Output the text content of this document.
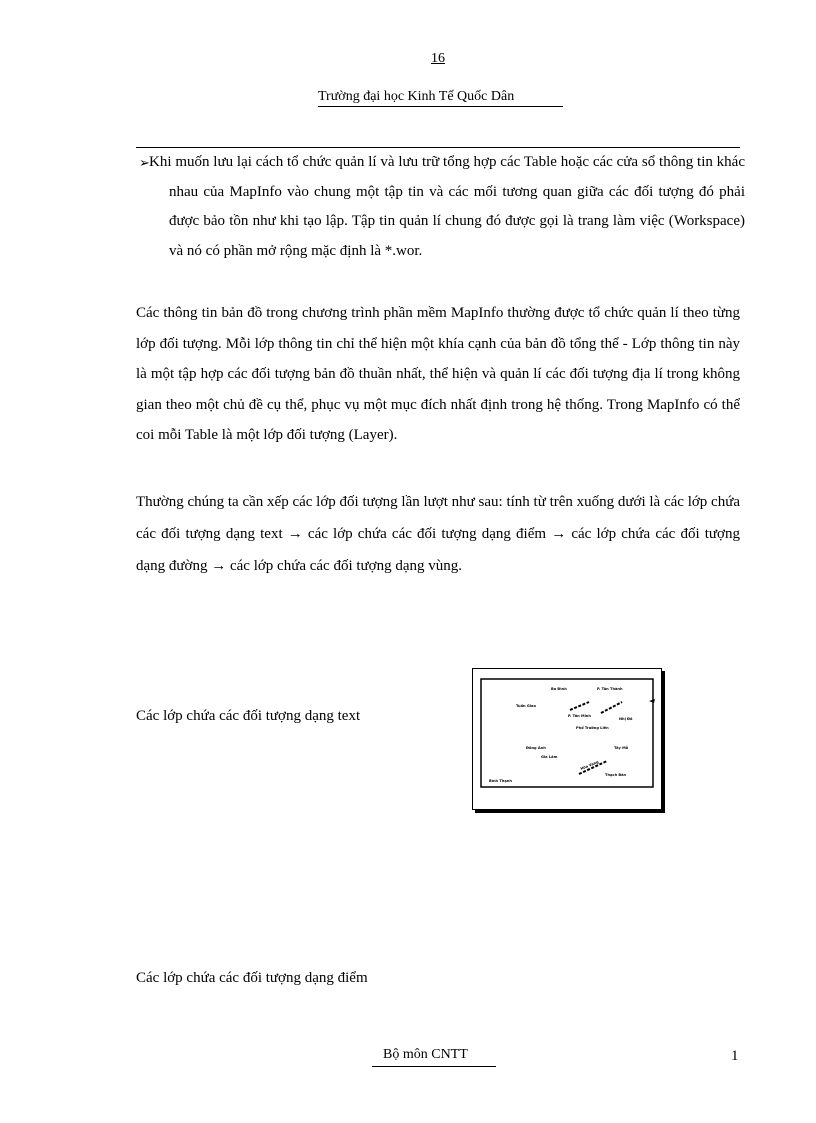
16
Trường đại học Kinh Tế Quốc Dân
➢ Khi muốn lưu lại cách tổ chức quản lí và lưu trữ tổng hợp các Table hoặc các cửa sổ thông tin khác nhau của MapInfo vào chung một tập tin và các mối tương quan giữa các đối tượng đó phải được bảo tồn như khi tạo lập. Tập tin quản lí chung đó được gọi là trang làm việc (Workspace) và nó có phần mở rộng mặc định là *.wor.

Các thông tin bản đồ trong chương trình phần mềm MapInfo thường được tổ chức quản lí theo từng lớp đối tượng. Mỗi lớp thông tin chỉ thể hiện một khía cạnh của bản đồ tổng thể - Lớp thông tin này là một tập hợp các đối tượng bản đồ thuần nhất, thể hiện và quản lí các đối tượng địa lí trong không gian theo một chủ đề cụ thể, phục vụ một mục đích nhất định trong hệ thống. Trong MapInfo có thể coi mỗi Table là một lớp đối tượng (Layer).

Thường chúng ta cần xếp các lớp đối tượng lần lượt như sau: tính từ trên xuống dưới là các lớp chứa các đối tượng dạng text → các lớp chứa các đối tượng dạng điểm → các lớp chứa các đối tượng dạng đường → các lớp chứa các đối tượng dạng vùng.

Các lớp chứa các đối tượng dạng text
Ba Đình	P. Tân Thành
Tuần Giao
P. Tân Minh
Nhị Đô
Phố Trường Liên
Đông Anh	Tây Mỗ
Gia Lâm
Thạch Bàn
Hòa Vang
Bình Thạnh
Các lớp chứa các đối tượng dạng điểm
Bộ môn CNTT	1
